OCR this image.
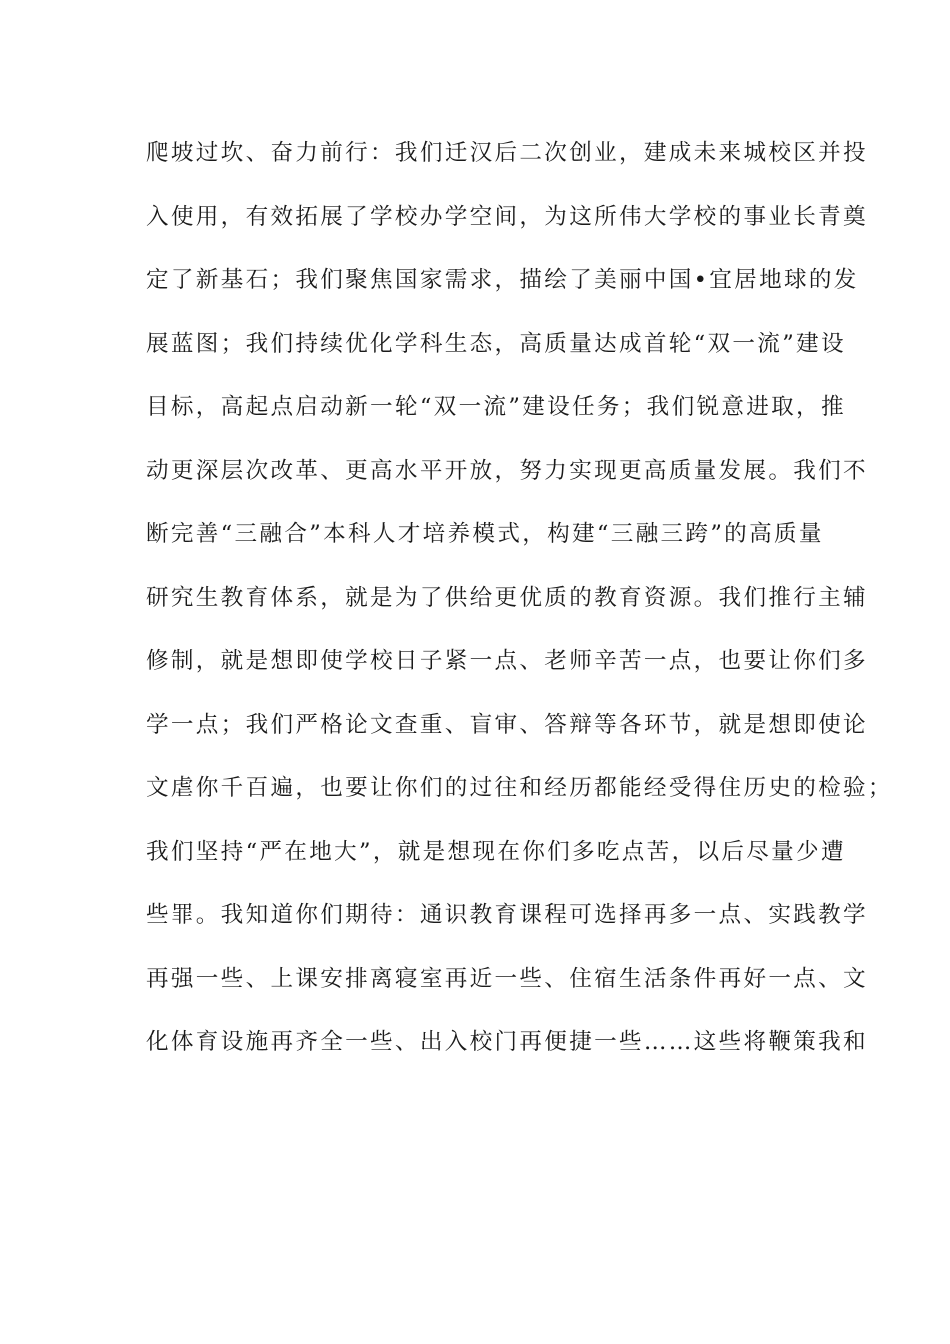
爬坡过坎、奋力前行：我们迁汉后二次创业，建成未来城校区并投
入使用，有效拓展了学校办学空间，为这所伟大学校的事业长青奠
定了新基石；我们聚焦国家需求，描绘了美丽中国•宜居地球的发
展蓝图；我们持续优化学科生态，高质量达成首轮“双一流”建设
目标，高起点启动新一轮“双一流”建设任务；我们锐意进取，推
动更深层次改革、更高水平开放，努力实现更高质量发展。我们不
断完善“三融合”本科人才培养模式，构建“三融三跨”的高质量
研究生教育体系，就是为了供给更优质的教育资源。我们推行主辅
修制，就是想即使学校日子紧一点、老师辛苦一点，也要让你们多
学一点；我们严格论文查重、盲审、答辩等各环节，就是想即使论
文虐你千百遍，也要让你们的过往和经历都能经受得住历史的检验；
我们坚持“严在地大”，就是想现在你们多吃点苦，以后尽量少遭
些罪。我知道你们期待：通识教育课程可选择再多一点、实践教学
再强一些、上课安排离寝室再近一些、住宿生活条件再好一点、文
化体育设施再齐全一些、出入校门再便捷一些……这些将鞭策我和
